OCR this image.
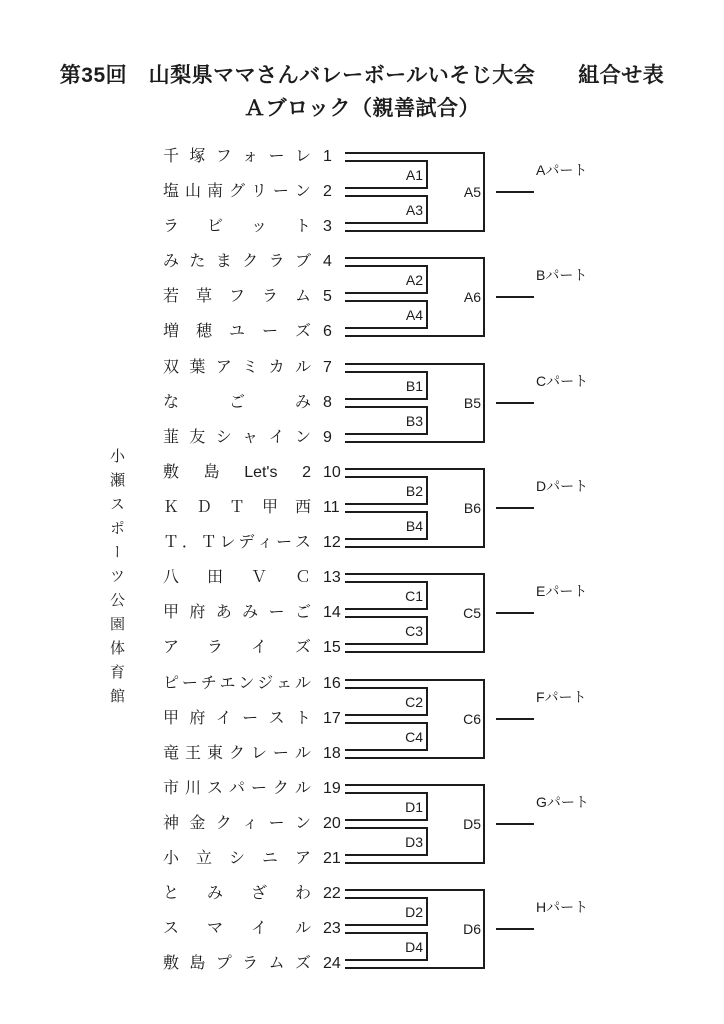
第35回　山梨県ママさんバレーボールいそじ大会　　組合せ表
Ａブロック（親善試合）
小瀬スポーツ公園体育館
A1
A3
A5
Aパート
千 塚 フ ォ ー レ 1
塩 山 南 グ リ ー ン 2
ラ ビ ッ ト 3
A2
A4
A6
Bパート
み た ま ク ラ ブ 4
若 草 フ ラ ム 5
増 穂 ユ ー ズ 6
B1
B3
B5
Cパート
双 葉 ア ミ カ ル 7
な	ご	み 8
韮 友 シ ャ イ ン 9
B2
B4
B6
Dパート
敷 島 Let's 2 10
Ｋ Ｄ Ｔ 甲 西 11
Ｔ ． Ｔ レ デ ィ ー ス 12
C1
C3
C5
Eパート
八 田 Ｖ Ｃ 13
甲 府 あ み ー ご 14
ア ラ イ ズ 15
C2
C4
C6
Fパート
ピ ー チ エ ン ジ ェ ル 16
甲 府 イ ー ス ト 17
竜 王 東 ク レ ー ル 18
D1
D3
D5
Gパート
市 川 ス パ ー ク ル 19
神 金 ク ィ ー ン 20
小 立 シ ニ ア 21
D2
D4
D6
Hパート
と み ざ わ 22
ス マ イ ル 23
敷 島 プ ラ ム ズ 24
